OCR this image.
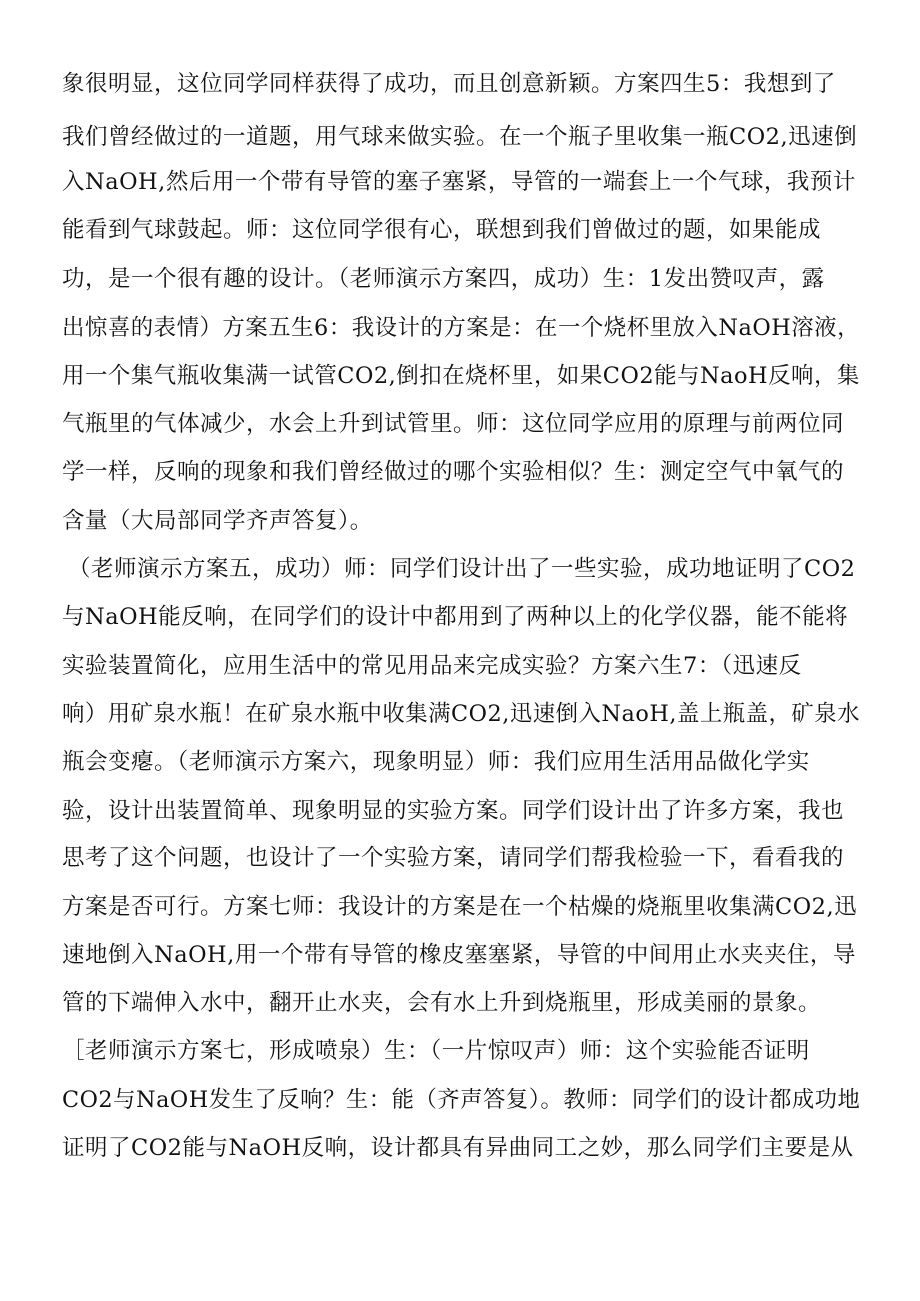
象很明显，这位同学同样获得了成功，而且创意新颖。方案四生5：我想到了
我们曾经做过的一道题，用气球来做实验。在一个瓶子里收集一瓶CO2,迅速倒
入NaOH,然后用一个带有导管的塞子塞紧，导管的一端套上一个气球，我预计
能看到气球鼓起。师：这位同学很有心，联想到我们曾做过的题，如果能成
功，是一个很有趣的设计。（老师演示方案四，成功）生：1发出赞叹声，露
出惊喜的表情）方案五生6：我设计的方案是：在一个烧杯里放入NaOH溶液，
用一个集气瓶收集满一试管CO2,倒扣在烧杯里，如果CO2能与NaoH反响，集
气瓶里的气体减少，水会上升到试管里。师：这位同学应用的原理与前两位同
学一样，反响的现象和我们曾经做过的哪个实验相似？生：测定空气中氧气的
含量（大局部同学齐声答复）。
（老师演示方案五，成功）师：同学们设计出了一些实验，成功地证明了CO2
与NaOH能反响，在同学们的设计中都用到了两种以上的化学仪器，能不能将
实验装置简化，应用生活中的常见用品来完成实验？方案六生7：（迅速反
响）用矿泉水瓶！在矿泉水瓶中收集满CO2,迅速倒入NaoH,盖上瓶盖，矿泉水
瓶会变瘪。（老师演示方案六，现象明显）师：我们应用生活用品做化学实
验，设计出装置简单、现象明显的实验方案。同学们设计出了许多方案，我也
思考了这个问题，也设计了一个实验方案，请同学们帮我检验一下，看看我的
方案是否可行。方案七师：我设计的方案是在一个枯燥的烧瓶里收集满CO2,迅
速地倒入NaOH,用一个带有导管的橡皮塞塞紧，导管的中间用止水夹夹住，导
管的下端伸入水中，翻开止水夹，会有水上升到烧瓶里，形成美丽的景象。
［老师演示方案七，形成喷泉）生：（一片惊叹声）师：这个实验能否证明
CO2与NaOH发生了反响？生：能（齐声答复）。教师：同学们的设计都成功地
证明了CO2能与NaOH反响，设计都具有异曲同工之妙，那么同学们主要是从
